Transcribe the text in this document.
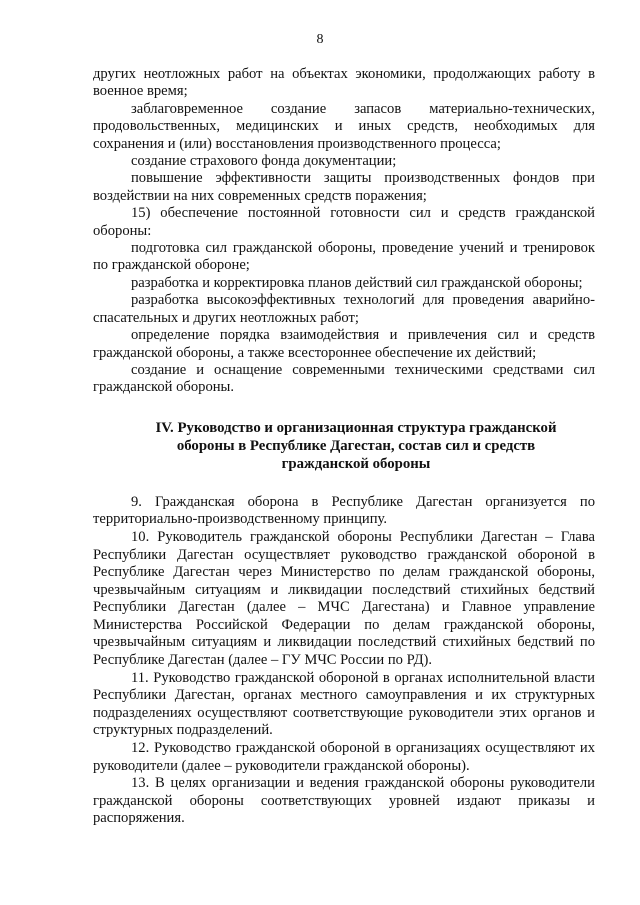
8

других неотложных работ на объектах экономики, продолжающих работу в военное время;

заблаговременное создание запасов материально-технических, продовольственных, медицинских и иных средств, необходимых для сохранения и (или) восстановления производственного процесса;

создание страхового фонда документации;

повышение эффективности защиты производственных фондов при воздействии на них современных средств поражения;

15) обеспечение постоянной готовности сил и средств гражданской обороны:

подготовка сил гражданской обороны, проведение учений и тренировок по гражданской обороне;

разработка и корректировка планов действий сил гражданской обороны;

разработка высокоэффективных технологий для проведения аварийно-спасательных и других неотложных работ;

определение порядка взаимодействия и привлечения сил и средств гражданской обороны, а также всестороннее обеспечение их действий;

создание и оснащение современными техническими средствами сил гражданской обороны.

IV. Руководство и организационная структура гражданской обороны в Республике Дагестан, состав сил и средств гражданской обороны

9. Гражданская оборона в Республике Дагестан организуется по территориально-производственному принципу.

10. Руководитель гражданской обороны Республики Дагестан – Глава Республики Дагестан осуществляет руководство гражданской обороной в Республике Дагестан через Министерство по делам гражданской обороны, чрезвычайным ситуациям и ликвидации последствий стихийных бедствий Республики Дагестан (далее – МЧС Дагестана) и Главное управление Министерства Российской Федерации по делам гражданской обороны, чрезвычайным ситуациям и ликвидации последствий стихийных бедствий по Республике Дагестан (далее – ГУ МЧС России по РД).

11. Руководство гражданской обороной в органах исполнительной власти Республики Дагестан, органах местного самоуправления и их структурных подразделениях осуществляют соответствующие руководители этих органов и структурных подразделений.

12. Руководство гражданской обороной в организациях осуществляют их руководители (далее – руководители гражданской обороны).

13. В целях организации и ведения гражданской обороны руководители гражданской обороны соответствующих уровней издают приказы и распоряжения.
